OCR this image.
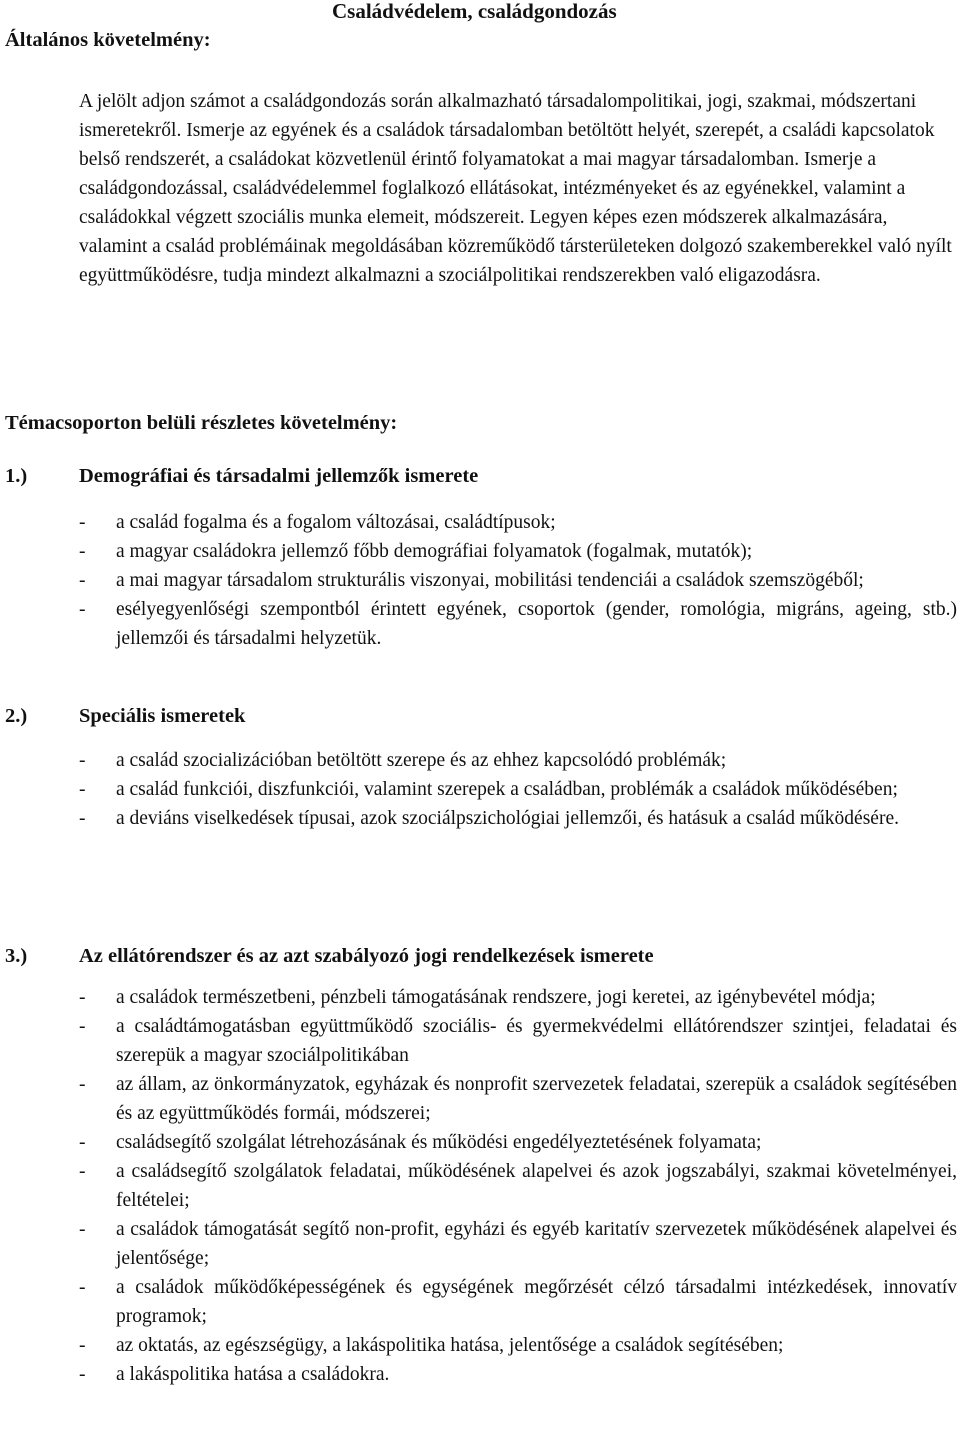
Családvédelem, családgondozás
Általános követelmény:

A jelölt adjon számot a családgondozás során alkalmazható társadalompolitikai, jogi, szakmai, módszertani ismeretekről. Ismerje az egyének és a családok társadalomban betöltött helyét, szerepét, a családi kapcsolatok belső rendszerét, a családokat közvetlenül érintő folyamatokat a mai magyar társadalomban. Ismerje a családgondozással, családvédelemmel foglalkozó ellátásokat, intézményeket és az egyénekkel, valamint a családokkal végzett szociális munka elemeit, módszereit. Legyen képes ezen módszerek alkalmazására, valamint a család problémáinak megoldásában közreműködő társterületeken dolgozó szakemberekkel való nyílt együttműködésre, tudja mindezt alkalmazni a szociálpolitikai rendszerekben való eligazodásra.

Témacsoporton belüli részletes követelmény:
1.)	Demográfiai és társadalmi jellemzők ismerete
- a család fogalma és a fogalom változásai, családtípusok;
- a magyar családokra jellemző főbb demográfiai folyamatok (fogalmak, mutatók);
- a mai magyar társadalom strukturális viszonyai, mobilitási tendenciái a családok szemszögéből;
- esélyegyenlőségi szempontból érintett egyének, csoportok (gender, romológia, migráns, ageing, stb.) jellemzői és társadalmi helyzetük.
2.)	Speciális ismeretek
- a család szocializációban betöltött szerepe és az ehhez kapcsolódó problémák;
- a család funkciói, diszfunkciói, valamint szerepek a családban, problémák a családok működésében;
- a deviáns viselkedések típusai, azok szociálpszichológiai jellemzői, és hatásuk a család működésére.
3.)	Az ellátórendszer és az azt szabályozó jogi rendelkezések ismerete
- a családok természetbeni, pénzbeli támogatásának rendszere, jogi keretei, az igénybevétel módja;
- a családtámogatásban együttműködő szociális- és gyermekvédelmi ellátórendszer szintjei, feladatai és szerepük a magyar szociálpolitikában
- az állam, az önkormányzatok, egyházak és nonprofit szervezetek feladatai, szerepük a családok segítésében és az együttműködés formái, módszerei;
- családsegítő szolgálat létrehozásának és működési engedélyeztetésének folyamata;
- a családsegítő szolgálatok feladatai, működésének alapelvei és azok jogszabályi, szakmai követelményei, feltételei;
- a családok támogatását segítő non-profit, egyházi és egyéb karitatív szervezetek működésének alapelvei és jelentősége;
- a családok működőképességének és egységének megőrzését célzó társadalmi intézkedések, innovatív programok;
- az oktatás, az egészségügy, a lakáspolitika hatása, jelentősége a családok segítésében;
- a lakáspolitika hatása a családokra.
